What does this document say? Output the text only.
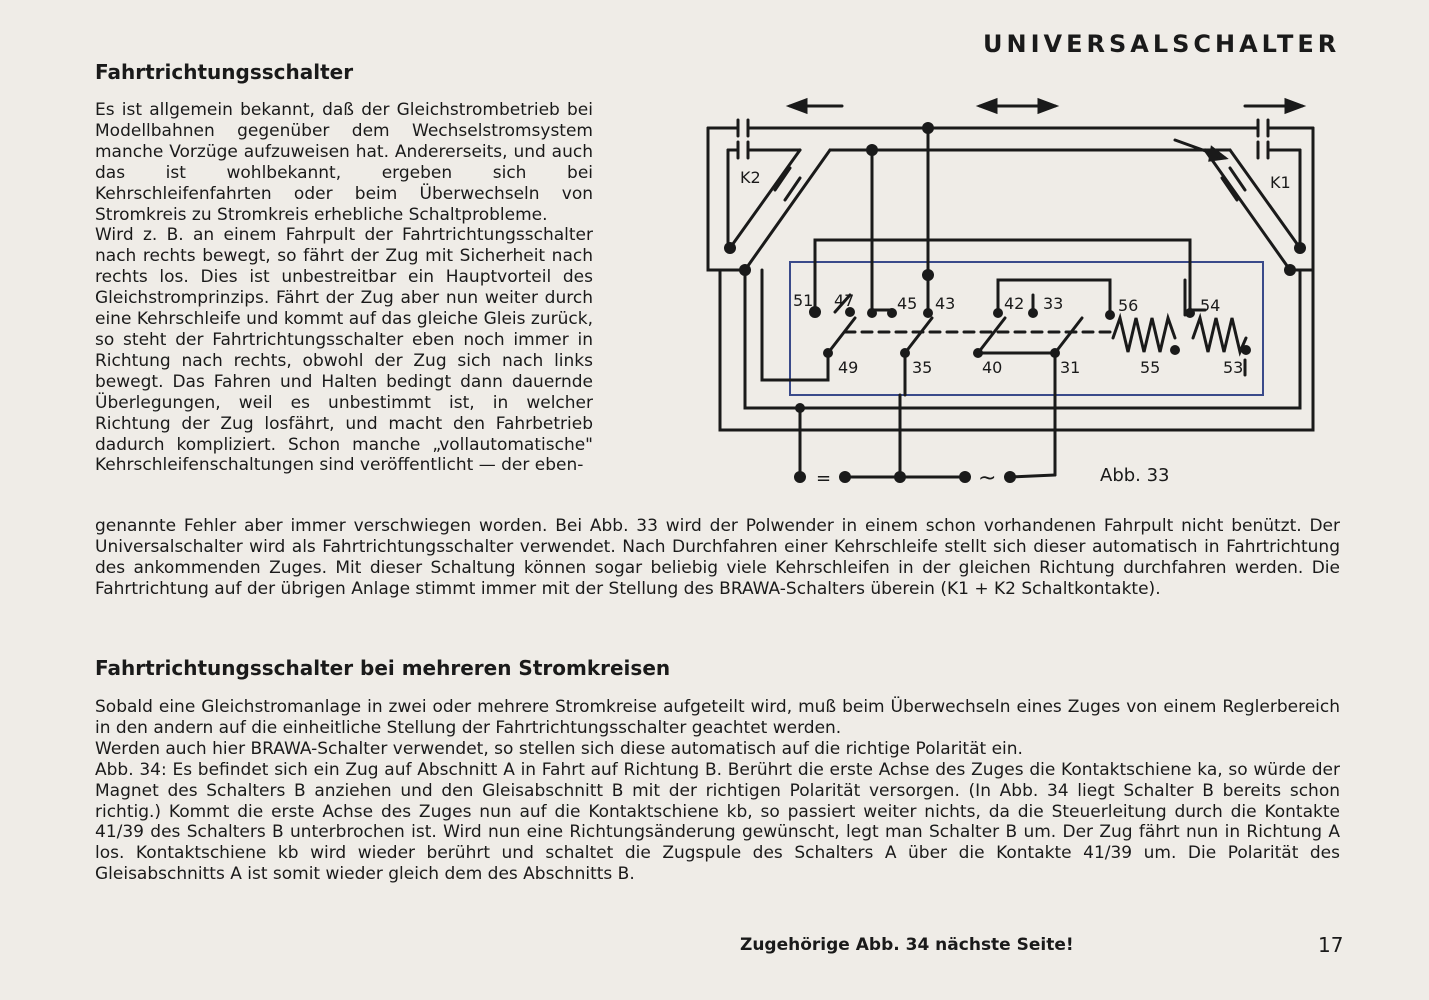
UNIVERSALSCHALTER
Fahrtrichtungsschalter

Es ist allgemein bekannt, daß der Gleichstrombetrieb bei Modellbahnen gegenüber dem Wechselstromsystem manche Vorzüge aufzuweisen hat. Andererseits, und auch das ist wohlbekannt, ergeben sich bei Kehrschleifenfahrten oder beim Überwechseln von Stromkreis zu Stromkreis erhebliche Schaltprobleme.

Wird z. B. an einem Fahrpult der Fahrtrichtungsschalter nach rechts bewegt, so fährt der Zug mit Sicherheit nach rechts los. Dies ist unbestreitbar ein Hauptvorteil des Gleichstromprinzips. Fährt der Zug aber nun weiter durch eine Kehrschleife und kommt auf das gleiche Gleis zurück, so steht der Fahrtrichtungsschalter eben noch immer in Richtung nach rechts, obwohl der Zug sich nach links bewegt. Das Fahren und Halten bedingt dann dauernde Überlegungen, weil es unbestimmt ist, in welcher Richtung der Zug losfährt, und macht den Fahrbetrieb dadurch kompliziert. Schon manche „vollautomatische" Kehrschleifenschaltungen sind veröffentlicht — der eben-

K2	K1
51 47	45 43	42 33	56	54
49	35	40	31	55	53
=	~	Abb. 33

genannte Fehler aber immer verschwiegen worden. Bei Abb. 33 wird der Polwender in einem schon vorhandenen Fahrpult nicht benützt. Der Universalschalter wird als Fahrtrichtungsschalter verwendet. Nach Durchfahren einer Kehrschleife stellt sich dieser automatisch in Fahrtrichtung des ankommenden Zuges. Mit dieser Schaltung können sogar beliebig viele Kehrschleifen in der gleichen Richtung durchfahren werden. Die Fahrtrichtung auf der übrigen Anlage stimmt immer mit der Stellung des BRAWA-Schalters überein (K1 + K2 Schaltkontakte).

Fahrtrichtungsschalter bei mehreren Stromkreisen

Sobald eine Gleichstromanlage in zwei oder mehrere Stromkreise aufgeteilt wird, muß beim Überwechseln eines Zuges von einem Reglerbereich in den andern auf die einheitliche Stellung der Fahrtrichtungsschalter geachtet werden.

Werden auch hier BRAWA-Schalter verwendet, so stellen sich diese automatisch auf die richtige Polarität ein.

Abb. 34: Es befindet sich ein Zug auf Abschnitt A in Fahrt auf Richtung B. Berührt die erste Achse des Zuges die Kontaktschiene ka, so würde der Magnet des Schalters B anziehen und den Gleisabschnitt B mit der richtigen Polarität versorgen. (In Abb. 34 liegt Schalter B bereits schon richtig.) Kommt die erste Achse des Zuges nun auf die Kontaktschiene kb, so passiert weiter nichts, da die Steuerleitung durch die Kontakte 41/39 des Schalters B unterbrochen ist. Wird nun eine Richtungsänderung gewünscht, legt man Schalter B um. Der Zug fährt nun in Richtung A los. Kontaktschiene kb wird wieder berührt und schaltet die Zugspule des Schalters A über die Kontakte 41/39 um. Die Polarität des Gleisabschnitts A ist somit wieder gleich dem des Abschnitts B.

Zugehörige Abb. 34 nächste Seite!	17
